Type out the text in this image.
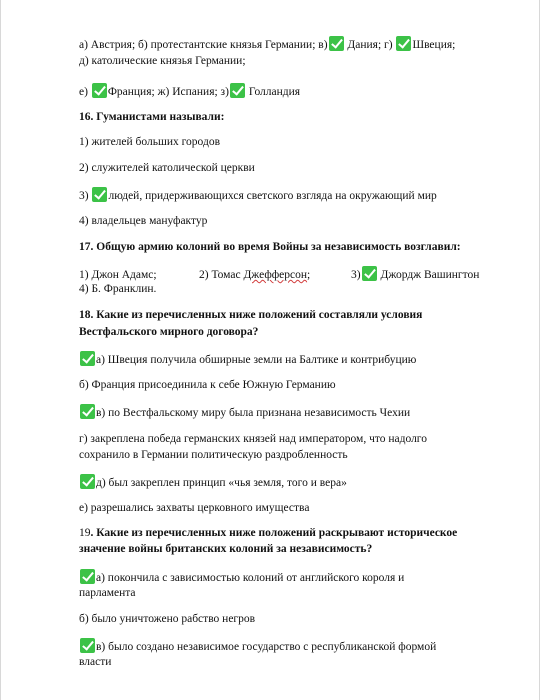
а) Австрия; б) протестантские князья Германии; в) Дания; г) Швеция;
д) католические князья Германии;
е) Франция; ж) Испания; з) Голландия
16. Гуманистами называли:
1) жителей больших городов
2) служителей католической церкви
3) людей, придерживающихся светского взгляда на окружающий мир
4) владельцев мануфактур
17. Общую армию колоний во время Войны за независимость возглавил:
1) Джон Адамс;	2) Томас Джефферсон;	3) Джордж Вашингтон
4) Б. Франклин.
18. Какие из перечисленных ниже положений составляли условия
Вестфальского мирного договора?
а) Швеция получила обширные земли на Балтике и контрибуцию
б) Франция присоединила к себе Южную Германию
в) по Вестфальскому миру была признана независимость Чехии
г) закреплена победа германских князей над императором, что надолго
сохранило в Германии политическую раздробленность
д) был закреплен принцип «чья земля, того и вера»
е) разрешались захваты церковного имущества
19. Какие из перечисленных ниже положений раскрывают историческое
значение войны британских колоний за независимость?
а) покончила с зависимостью колоний от английского короля и
парламента
б) было уничтожено рабство негров
в) было создано независимое государство с республиканской формой
власти
